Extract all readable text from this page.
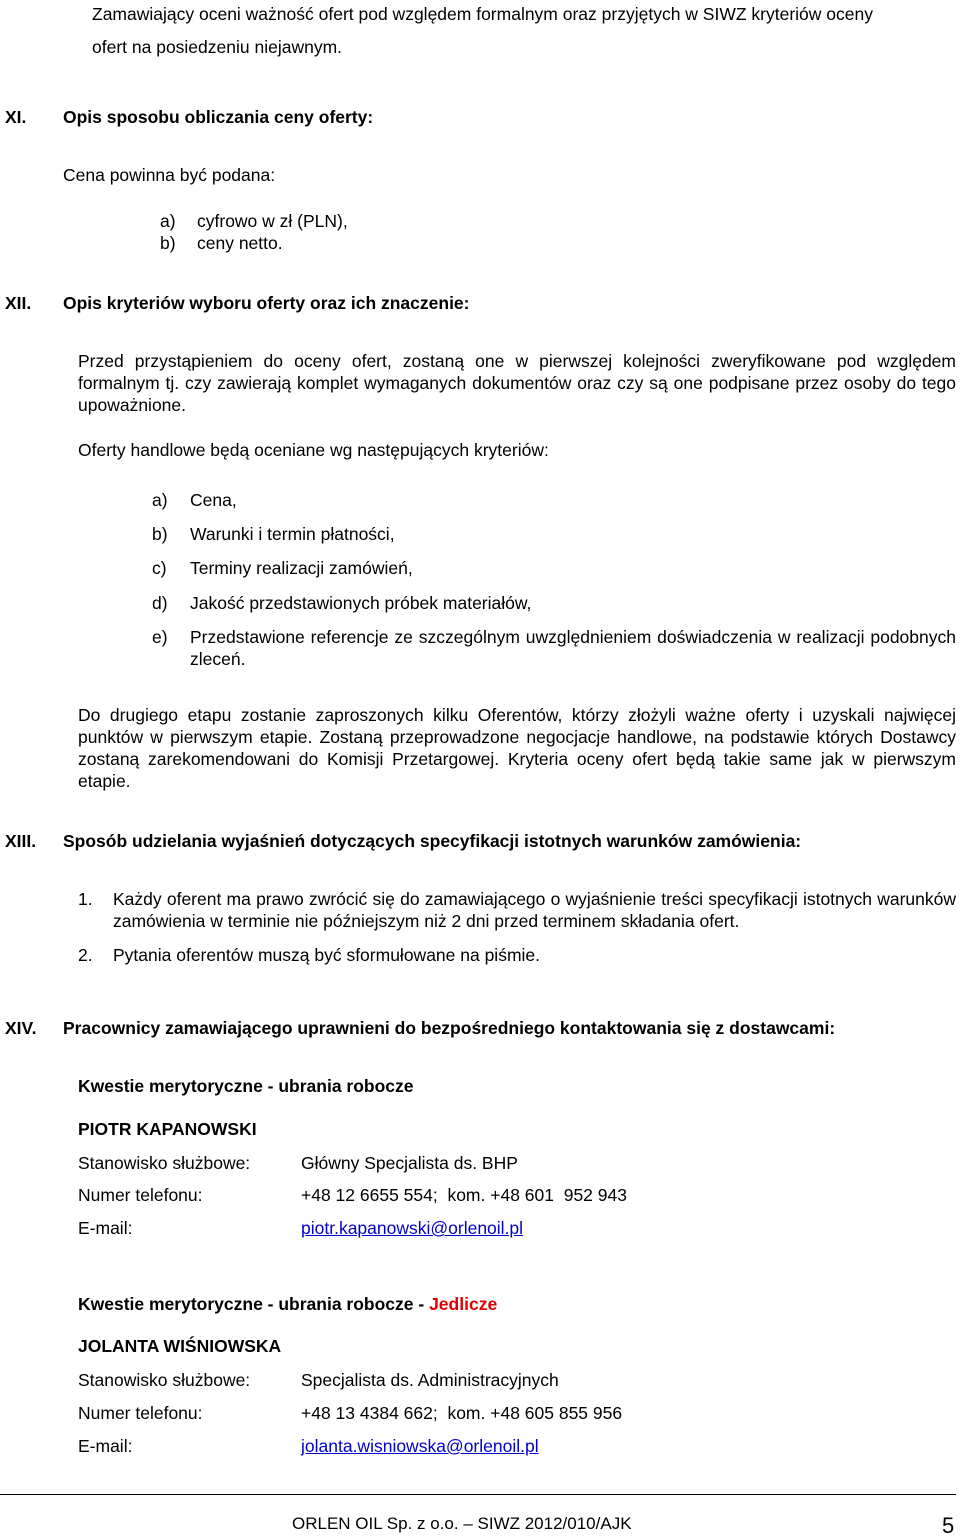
Zamawiający oceni ważność ofert pod względem formalnym oraz przyjętych w SIWZ kryteriów oceny
ofert na posiedzeniu niejawnym.
XI. Opis sposobu obliczania ceny oferty:
Cena powinna być podana:
a) cyfrowo w zł (PLN),
b) ceny netto.
XII. Opis kryteriów wyboru oferty oraz ich znaczenie:
Przed przystąpieniem do oceny ofert, zostaną one w pierwszej kolejności zweryfikowane pod względem formalnym tj. czy zawierają komplet wymaganych dokumentów oraz czy są one podpisane przez osoby do tego upoważnione.
Oferty handlowe będą oceniane wg następujących kryteriów:
a) Cena,
b) Warunki i termin płatności,
c) Terminy realizacji zamówień,
d) Jakość przedstawionych próbek materiałów,
e) Przedstawione referencje ze szczególnym uwzględnieniem doświadczenia w realizacji podobnych zleceń.
Do drugiego etapu zostanie zaproszonych kilku Oferentów, którzy złożyli ważne oferty i uzyskali najwięcej punktów w pierwszym etapie. Zostaną przeprowadzone negocjacje handlowe, na podstawie których Dostawcy zostaną zarekomendowani do Komisji Przetargowej. Kryteria oceny ofert będą takie same jak w pierwszym etapie.
XIII. Sposób udzielania wyjaśnień dotyczących specyfikacji istotnych warunków zamówienia:
1. Każdy oferent ma prawo zwrócić się do zamawiającego o wyjaśnienie treści specyfikacji istotnych warunków zamówienia w terminie nie późniejszym niż 2 dni przed terminem składania ofert.
2. Pytania oferentów muszą być sformułowane na piśmie.
XIV. Pracownicy zamawiającego uprawnieni do bezpośredniego kontaktowania się z dostawcami:
Kwestie merytoryczne - ubrania robocze
PIOTR KAPANOWSKI
Stanowisko służbowe:	Główny Specjalista ds. BHP
Numer telefonu:	+48 12 6655 554;  kom. +48 601  952 943
E-mail:	piotr.kapanowski@orlenoil.pl
Kwestie merytoryczne - ubrania robocze - Jedlicze
JOLANTA WIŚNIOWSKA
Stanowisko służbowe:	Specjalista ds. Administracyjnych
Numer telefonu:	+48 13 4384 662;  kom. +48 605 855 956
E-mail:	jolanta.wisniowska@orlenoil.pl
ORLEN OIL Sp. z o.o. – SIWZ 2012/010/AJK	5
